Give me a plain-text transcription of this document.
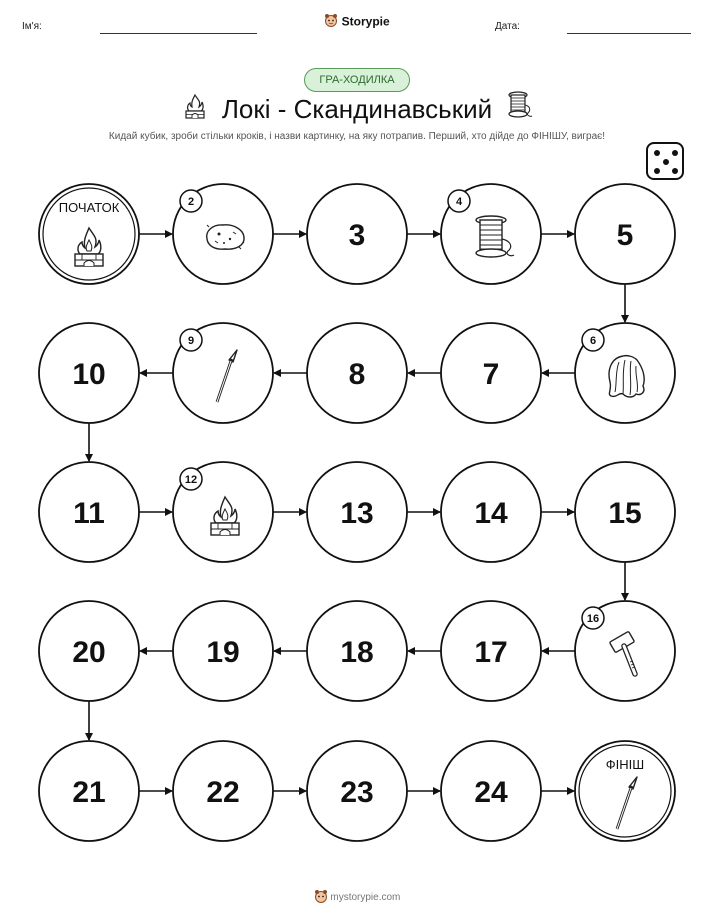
Ім'я:	Storypie	Дата:
ГРА-ХОДИЛКА
Локі - Скандинавський
Кидай кубик, зроби стільки кроків, і назви картинку, на яку потрапив. Перший, хто дійде до ФІНІШУ, виграє!
ПОЧАТОК	2
3
4
5
6
7
8
9
10
11
12
13	14	15
16
17
18
19
20
21	22	23	24
ФІНІШ
mystorypie.com
